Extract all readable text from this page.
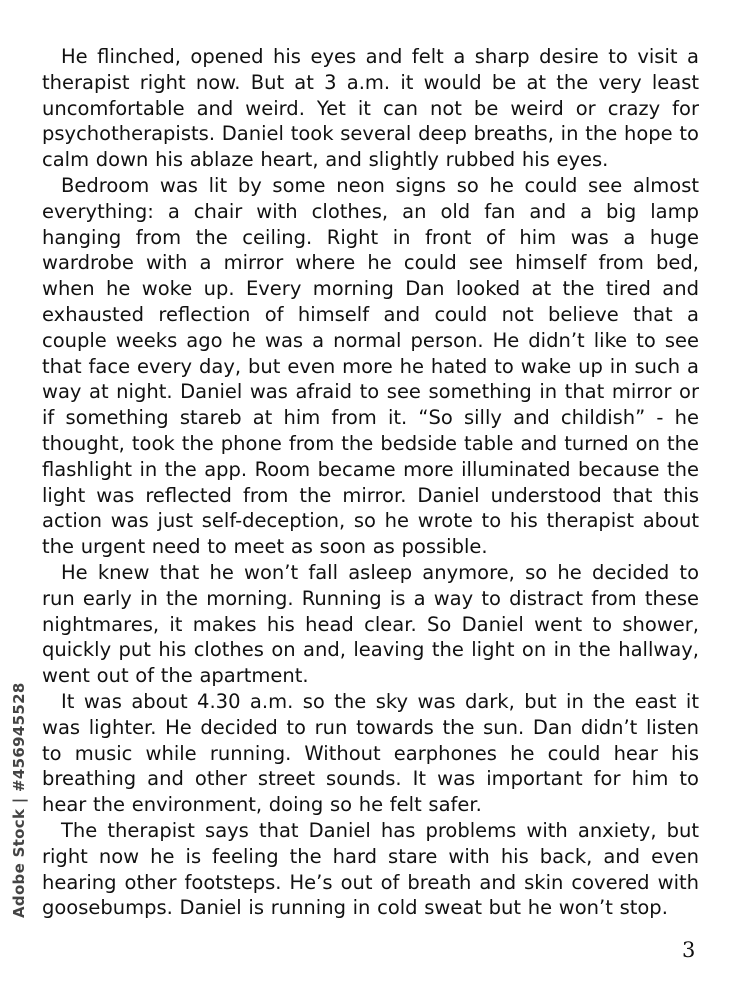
He flinched, opened his eyes and felt a sharp desire to visit a therapist right now. But at 3 a.m. it would be at the very least uncomfortable and weird. Yet it can not be weird or crazy for psychotherapists. Daniel took several deep breaths, in the hope to calm down his ablaze heart, and slightly rubbed his eyes.

Bedroom was lit by some neon signs so he could see almost everything: a chair with clothes, an old fan and a big lamp hanging from the ceiling. Right in front of him was a huge wardrobe with a mirror where he could see himself from bed, when he woke up. Every morning Dan looked at the tired and exhausted reflection of himself and could not believe that a couple weeks ago he was a normal person. He didn’t like to see that face every day, but even more he hated to wake up in such a way at night. Daniel was afraid to see something in that mirror or if something stareb at him from it. “So silly and childish” - he thought, took the phone from the bedside table and turned on the flashlight in the app. Room became more illuminated because the light was reflected from the mirror. Daniel understood that this action was just self-deception, so he wrote to his therapist about the urgent need to meet as soon as possible.

He knew that he won’t fall asleep anymore, so he decided to run early in the morning. Running is a way to distract from these nightmares, it makes his head clear. So Daniel went to shower, quickly put his clothes on and, leaving the light on in the hallway, went out of the apartment.

It was about 4.30 a.m. so the sky was dark, but in the east it was lighter. He decided to run towards the sun. Dan didn’t listen to music while running. Without earphones he could hear his breathing and other street sounds. It was important for him to hear the environment, doing so he felt safer.

The therapist says that Daniel has problems with anxiety, but right now he is feeling the hard stare with his back, and even hearing other footsteps. He’s out of breath and skin covered with goosebumps. Daniel is running in cold sweat but he won’t stop.

3
Adobe Stock | #456945528
